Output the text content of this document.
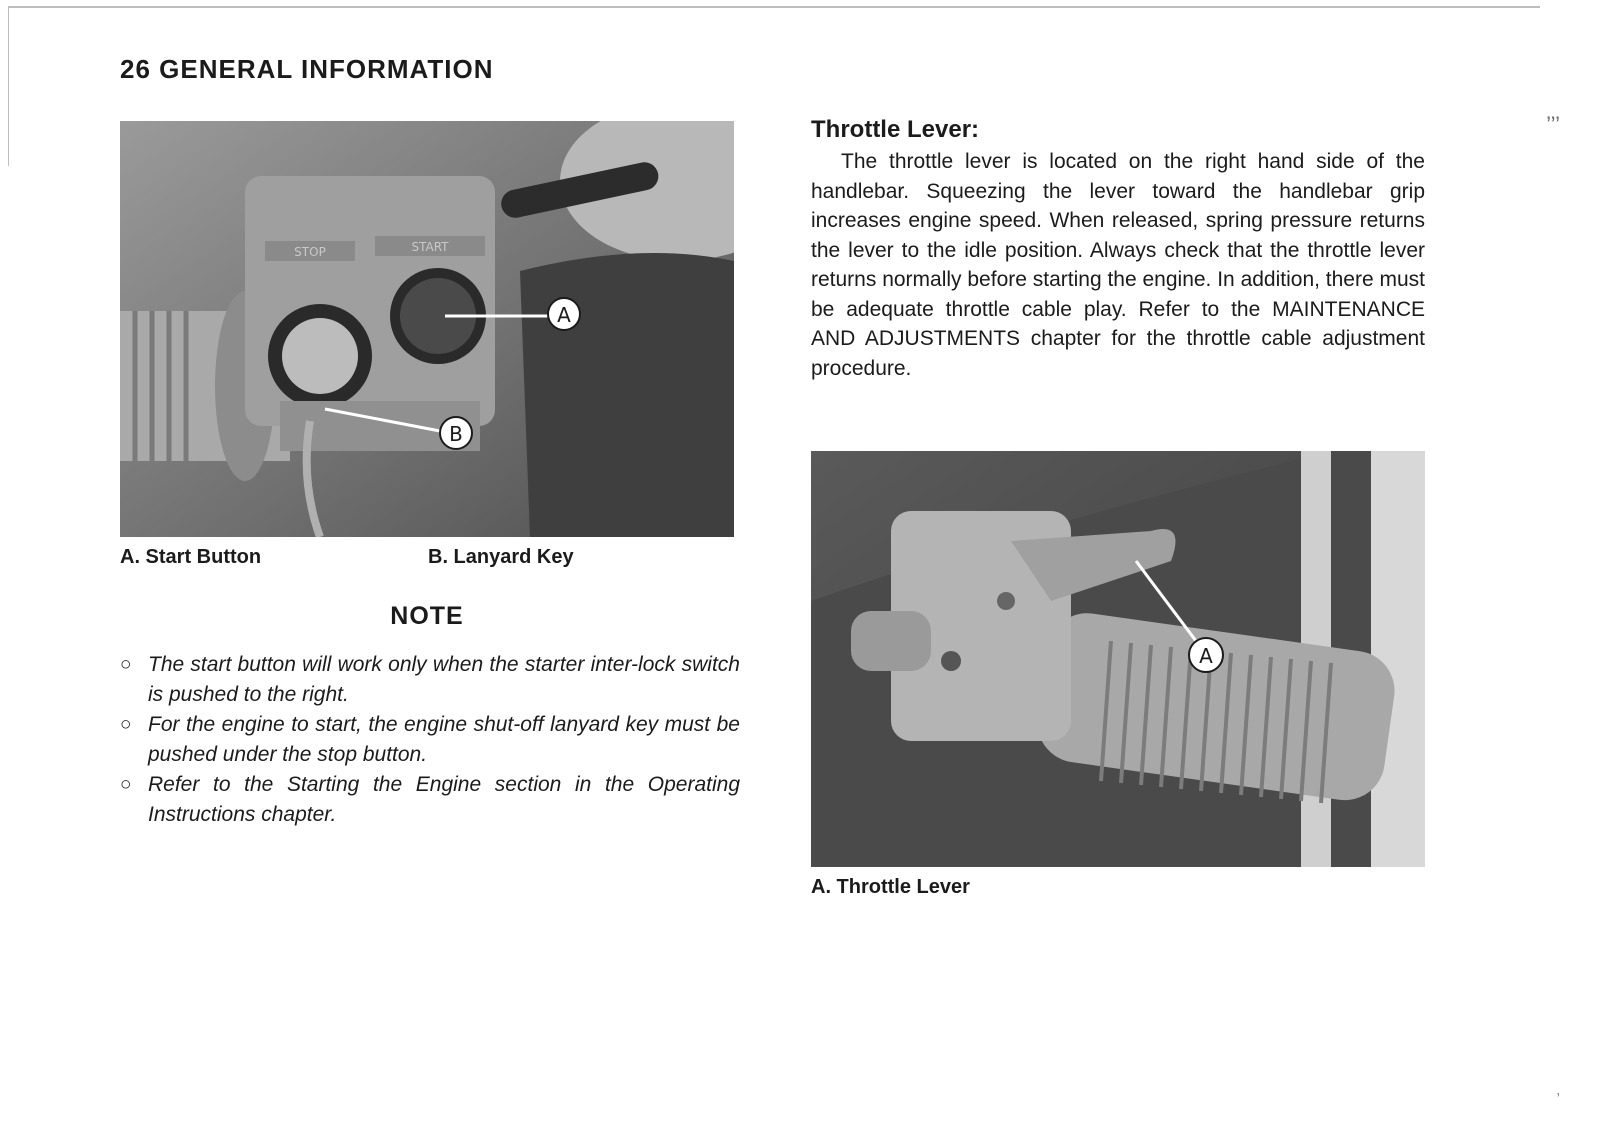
26 GENERAL INFORMATION
STOP	START
A
B
A. Start Button	B. Lanyard Key
NOTE
○ The start button will work only when the starter inter-lock switch is pushed to the right.
○ For the engine to start, the engine shut-off lanyard key must be pushed under the stop button.
○ Refer to the Starting the Engine section in the Operating Instructions chapter.
Throttle Lever:
The throttle lever is located on the right hand side of the handlebar. Squeezing the lever toward the handlebar grip increases engine speed. When released, spring pressure returns the lever to the idle position. Always check that the throttle lever returns normally before starting the engine. In addition, there must be adequate throttle cable play. Refer to the MAINTENANCE AND ADJUSTMENTS chapter for the throttle cable adjustment procedure.
A
A. Throttle Lever
’’’
’
